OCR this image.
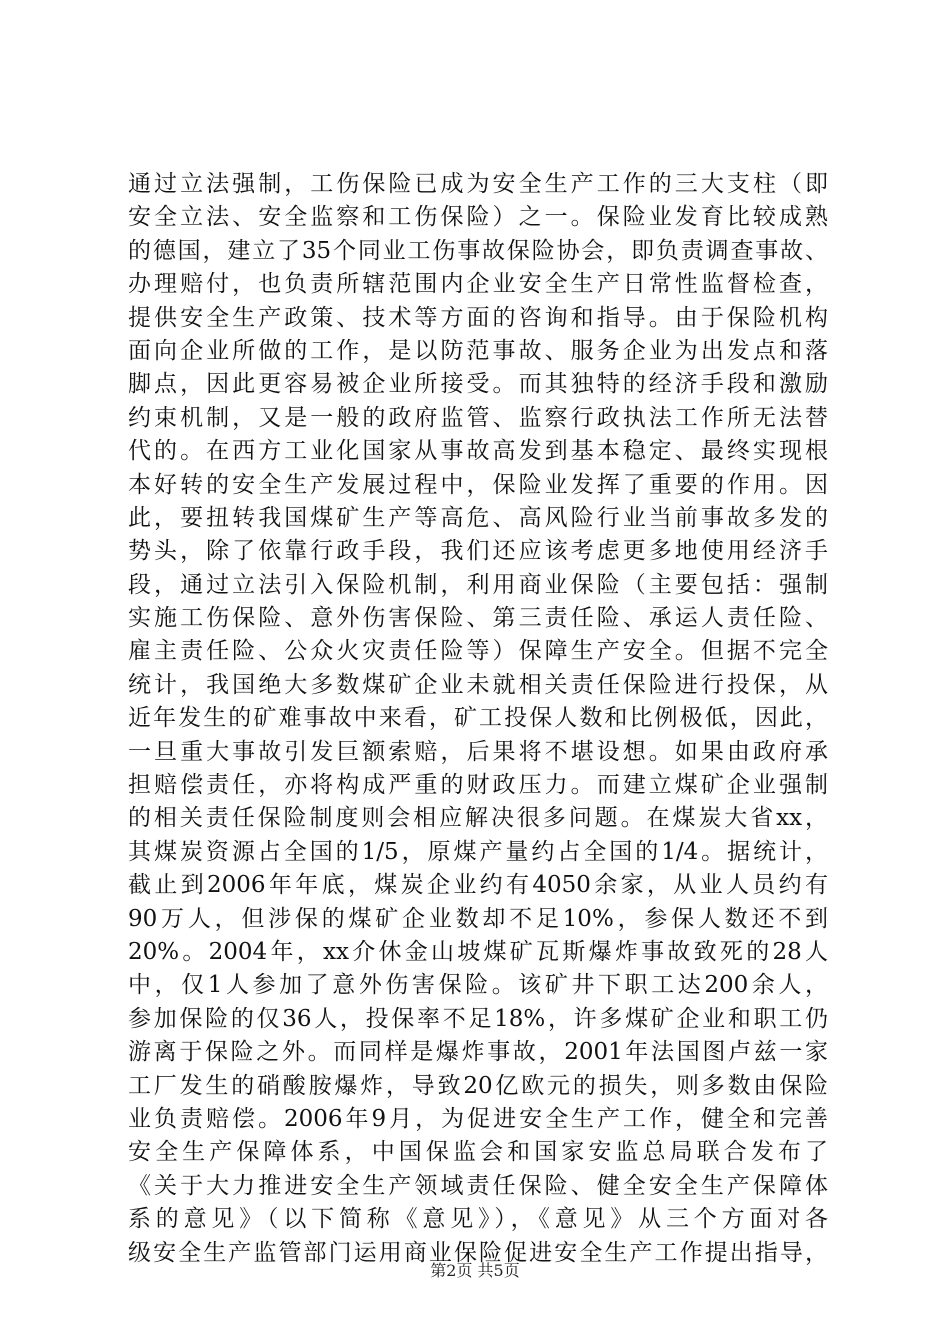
通过立法强制，工伤保险已成为安全生产工作的三大支柱（即
安全立法、安全监察和工伤保险）之一。保险业发育比较成熟
的德国，建立了35个同业工伤事故保险协会，即负责调查事故、
办理赔付，也负责所辖范围内企业安全生产日常性监督检查，
提供安全生产政策、技术等方面的咨询和指导。由于保险机构
面向企业所做的工作，是以防范事故、服务企业为出发点和落
脚点，因此更容易被企业所接受。而其独特的经济手段和激励
约束机制，又是一般的政府监管、监察行政执法工作所无法替
代的。在西方工业化国家从事故高发到基本稳定、最终实现根
本好转的安全生产发展过程中，保险业发挥了重要的作用。因
此，要扭转我国煤矿生产等高危、高风险行业当前事故多发的
势头，除了依靠行政手段，我们还应该考虑更多地使用经济手
段，通过立法引入保险机制，利用商业保险（主要包括：强制
实施工伤保险、意外伤害保险、第三责任险、承运人责任险、
雇主责任险、公众火灾责任险等）保障生产安全。但据不完全
统计，我国绝大多数煤矿企业未就相关责任保险进行投保，从
近年发生的矿难事故中来看，矿工投保人数和比例极低，因此，
一旦重大事故引发巨额索赔，后果将不堪设想。如果由政府承
担赔偿责任，亦将构成严重的财政压力。而建立煤矿企业强制
的相关责任保险制度则会相应解决很多问题。在煤炭大省xx，
其煤炭资源占全国的1/5，原煤产量约占全国的1/4。据统计，
截止到2006年年底，煤炭企业约有4050余家，从业人员约有
90万人，但涉保的煤矿企业数却不足10%，参保人数还不到
20%。2004年，xx介休金山坡煤矿瓦斯爆炸事故致死的28人
中，仅1人参加了意外伤害保险。该矿井下职工达200余人，
参加保险的仅36人，投保率不足18%，许多煤矿企业和职工仍
游离于保险之外。而同样是爆炸事故，2001年法国图卢兹一家
工厂发生的硝酸胺爆炸，导致20亿欧元的损失，则多数由保险
业负责赔偿。2006年9月，为促进安全生产工作，健全和完善
安全生产保障体系，中国保监会和国家安监总局联合发布了
《关于大力推进安全生产领域责任保险、健全安全生产保障体
系的意见》（以下简称《意见》），《意见》从三个方面对各
级安全生产监管部门运用商业保险促进安全生产工作提出指导，
第2页 共5页
